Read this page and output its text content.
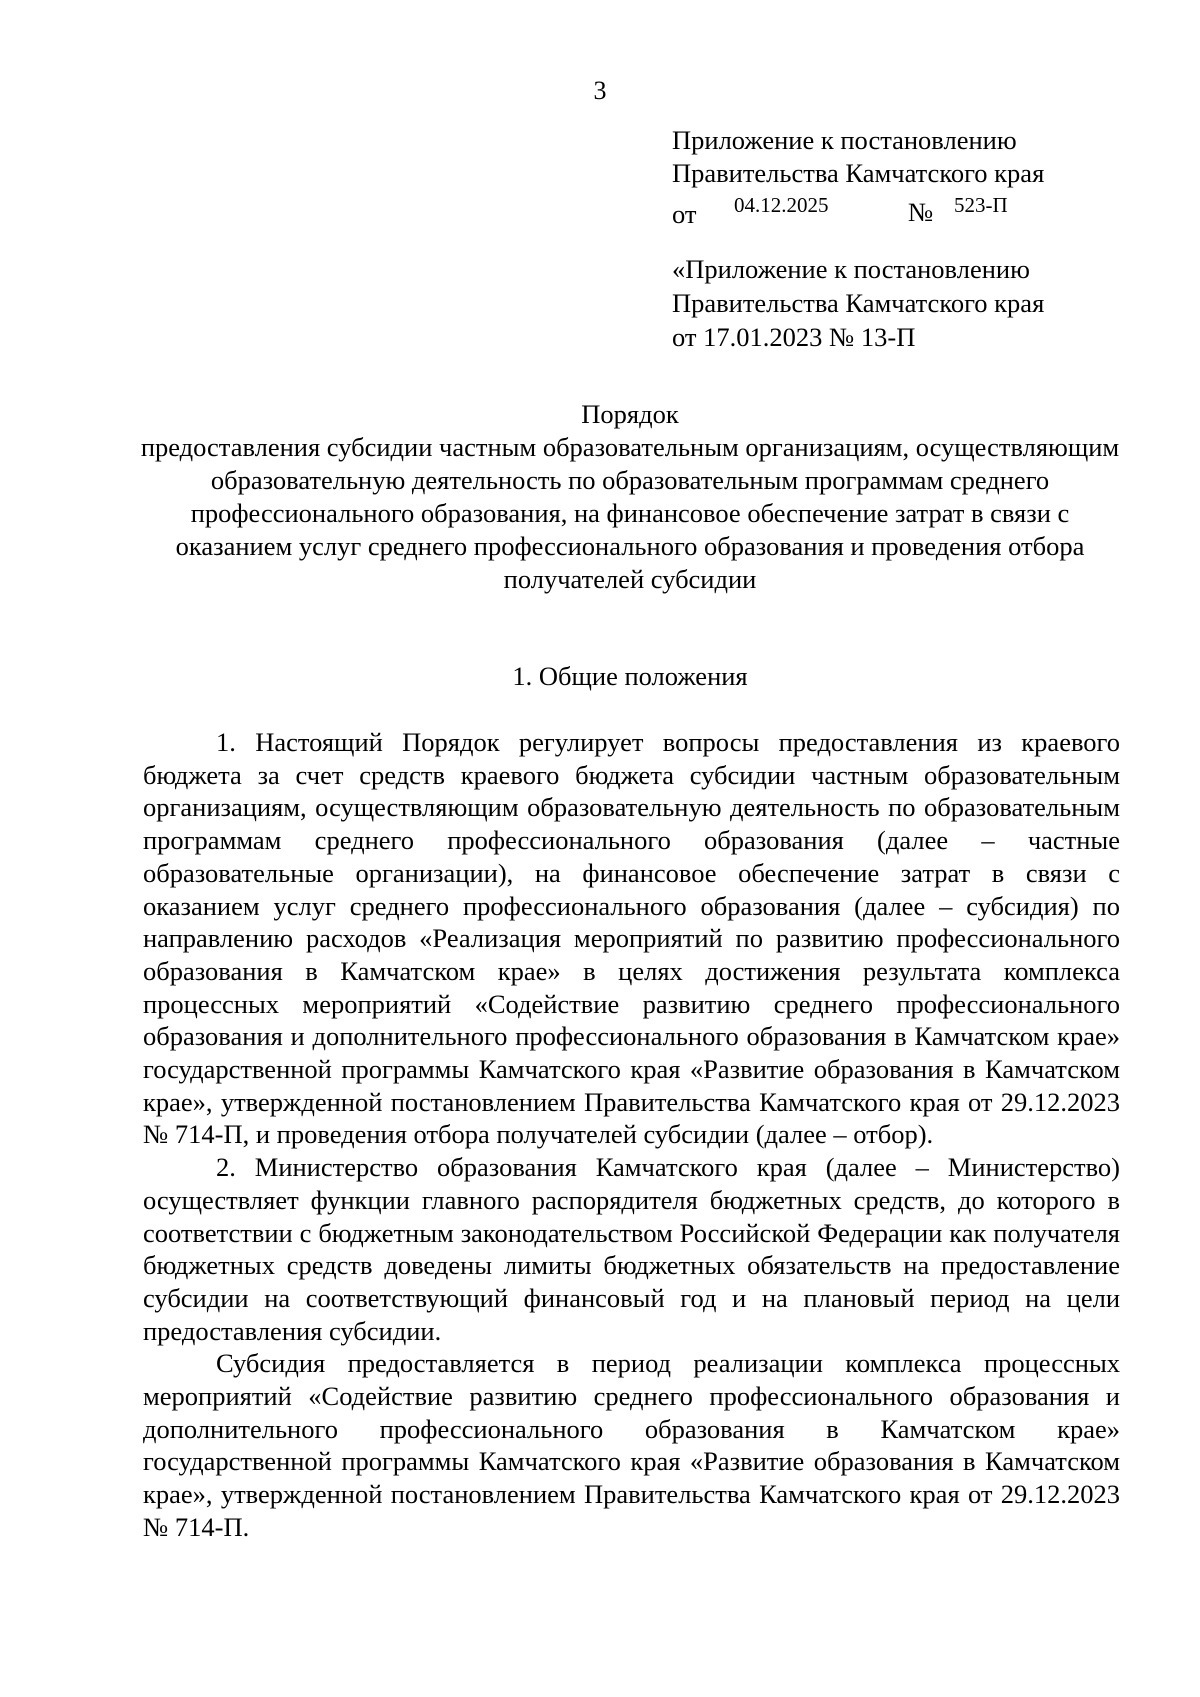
3
Приложение к постановлению
Правительства Камчатского края
от 04.12.2025	№ 523-П
«Приложение к постановлению
Правительства Камчатского края
от 17.01.2023 № 13-П
Порядок
предоставления субсидии частным образовательным организациям, осуществляющим образовательную деятельность по образовательным программам среднего профессионального образования, на финансовое обеспечение затрат в связи с оказанием услуг среднего профессионального образования и проведения отбора получателей субсидии
1. Общие положения

1. Настоящий Порядок регулирует вопросы предоставления из краевого бюджета за счет средств краевого бюджета субсидии частным образовательным организациям, осуществляющим образовательную деятельность по образовательным программам среднего профессионального образования (далее – частные образовательные организации), на финансовое обеспечение затрат в связи с оказанием услуг среднего профессионального образования (далее – субсидия) по направлению расходов «Реализация мероприятий по развитию профессионального образования в Камчатском крае» в целях достижения результата комплекса процессных мероприятий «Содействие развитию среднего профессионального образования и дополнительного профессионального образования в Камчатском крае» государственной программы Камчатского края «Развитие образования в Камчатском крае», утвержденной постановлением Правительства Камчатского края от 29.12.2023 № 714-П, и проведения отбора получателей субсидии (далее – отбор).

2. Министерство образования Камчатского края (далее – Министерство) осуществляет функции главного распорядителя бюджетных средств, до которого в соответствии с бюджетным законодательством Российской Федерации как получателя бюджетных средств доведены лимиты бюджетных обязательств на предоставление субсидии на соответствующий финансовый год и на плановый период на цели предоставления субсидии.

Субсидия предоставляется в период реализации комплекса процессных мероприятий «Содействие развитию среднего профессионального образования и дополнительного профессионального образования в Камчатском крае» государственной программы Камчатского края «Развитие образования в Камчатском крае», утвержденной постановлением Правительства Камчатского края от 29.12.2023 № 714-П.
